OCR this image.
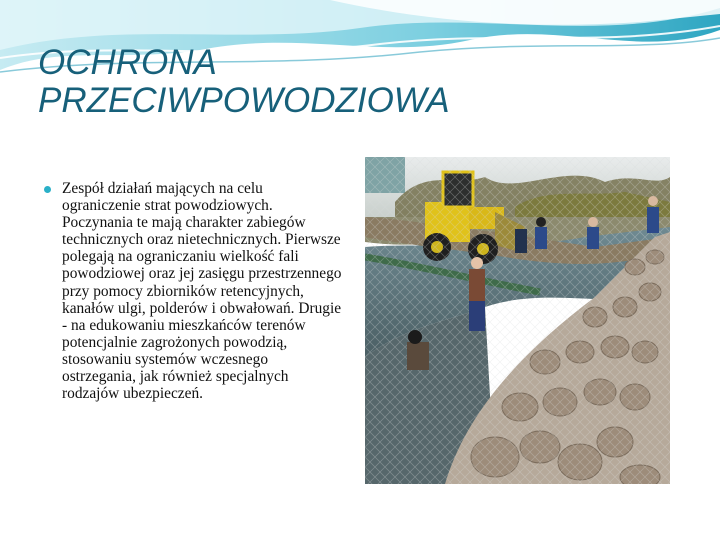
OCHRONA
PRZECIWPOWODZIOWA
Zespół działań mających na celu ograniczenie strat powodziowych. Poczynania te mają charakter zabiegów technicznych oraz nietechnicznych. Pierwsze polegają na ograniczaniu wielkość fali powodziowej oraz jej zasięgu przestrzennego przy pomocy zbiorników retencyjnych, kanałów ulgi, polderów i obwałowań. Drugie - na edukowaniu mieszkańców terenów potencjalnie zagrożonych powodzią, stosowaniu systemów wczesnego ostrzegania, jak również specjalnych rodzajów ubezpieczeń.
